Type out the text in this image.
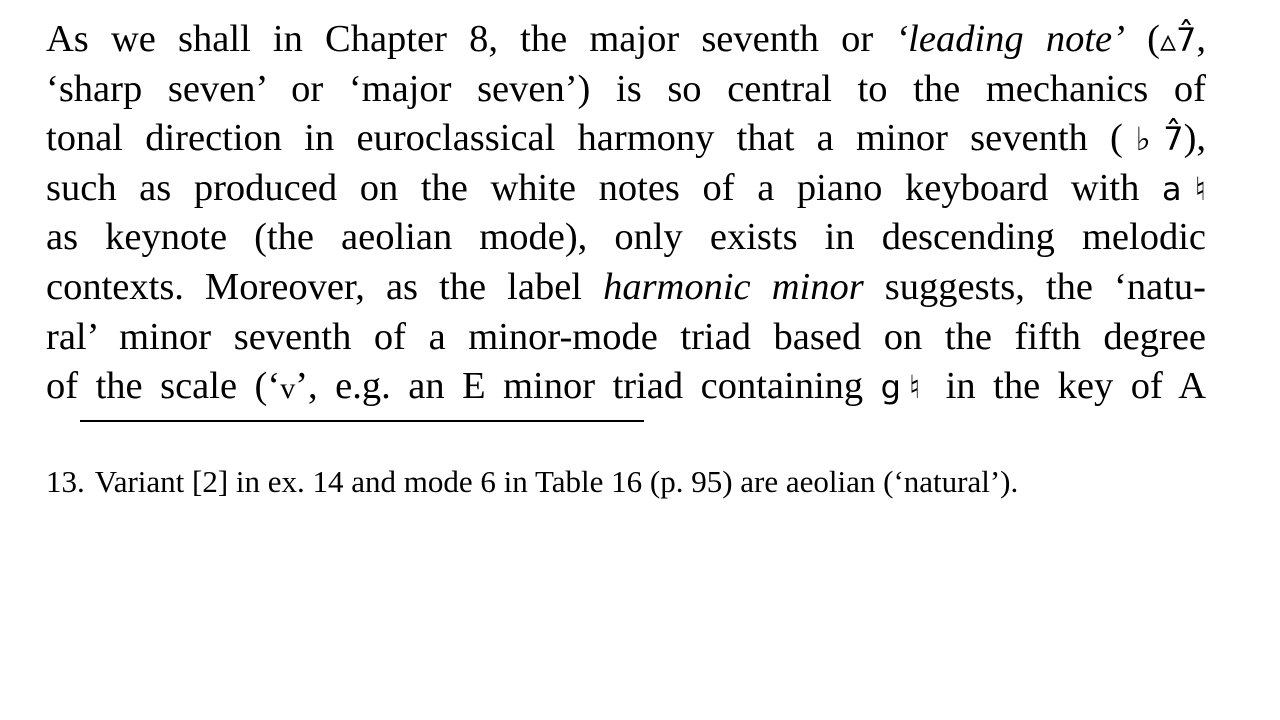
As we shall in Chapter 8, the major seventh or ‘leading note’ (▵7̂,
‘sharp seven’ or ‘major seven’) is so central to the mechanics of
tonal direction in euroclassical harmony that a minor seventh (♭7̂),
such as produced on the white notes of a piano keyboard with a♮
as keynote (the aeolian mode), only exists in descending melodic
contexts. Moreover, as the label harmonic minor suggests, the ‘natu-
ral’ minor seventh of a minor-mode triad based on the fifth degree
of the scale (‘v’, e.g. an E minor triad containing g♮ in the key of A

13. Variant [2] in ex. 14 and mode 6 in Table 16 (p. 95) are aeolian (‘natural’).
